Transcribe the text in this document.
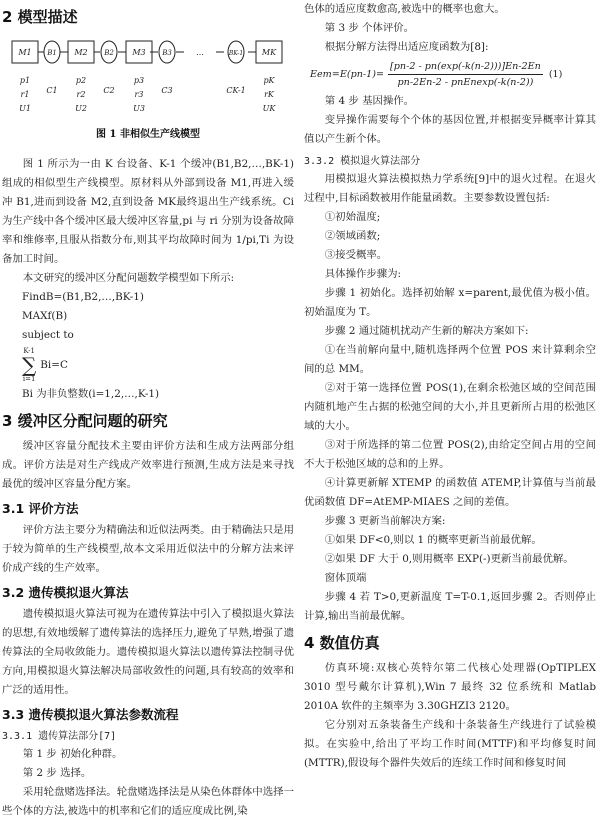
2 模型描述
M1	M2	M3	MK
B1	B2	B3	BK-1
…
p1
r1
U1
p2
r2
U2
p3
r3
U3
pK
rK
UK
C1	C2	C3	CK-1
图 1 非相似生产线模型

图 1 所示为一由 K 台设备、K-1 个缓冲(B1,B2,…,BK-1)组成的相似型生产线模型。原材料从外部到设备 M1,再进入缓冲 B1,进而到设备 M2,直到设备 MK最终退出生产线系统。Ci 为生产线中各个缓冲区最大缓冲区容量,pi 与 ri 分别为设备故障率和维修率,且服从指数分布,则其平均故障时间为 1/pi,Ti 为设备加工时间。

本文研究的缓冲区分配问题数学模型如下所示:

FindB=(B1,B2,…,BK-1)
MAXf(B)
subject to
K-1
∑
i=1
Bi=C
Bi 为非负整数(i=1,2,…,K-1)
3 缓冲区分配问题的研究

缓冲区容量分配技术主要由评价方法和生成方法两部分组成。评价方法是对生产线成产效率进行预测,生成方法是来寻找最优的缓冲区容量分配方案。

3.1 评价方法

评价方法主要分为精确法和近似法两类。由于精确法只是用于较为简单的生产线模型,故本文采用近似法中的分解方法来评价成产线的生产效率。

3.2 遗传模拟退火算法

遗传模拟退火算法可视为在遗传算法中引入了模拟退火算法的思想,有效地缓解了遗传算法的选择压力,避免了早熟,增强了遗传算法的全局收敛能力。遗传模拟退火算法以遗传算法控制寻优方向,用模拟退火算法解决局部收敛性的问题,具有较高的效率和广泛的适用性。

3.3 遗传模拟退火算法参数流程
3.3.1 遗传算法部分[7]

第 1 步 初始化种群。

第 2 步 选择。

采用轮盘赌选择法。轮盘赌选择法是从染色体群体中选择一些个体的方法,被选中的机率和它们的适应度成比例,染

色体的适应度数愈高,被选中的概率也愈大。

第 3 步 个体评价。

根据分解方法得出适应度函数为[8]:

$Eem=E(pn-1)= \frac{[pn-2 - pn(\exp(-k(n-2)))]En-2En}{\text{pn-2En-2 - pnEnexp(-k(n-2))}} (1)$

第 4 步 基因操作。

变异操作需要每个个体的基因位置,并根据变异概率计算其值以产生新个体。

3.3.2 模拟退火算法部分

用模拟退火算法模拟热力学系统[9]中的退火过程。在退火过程中,目标函数被用作能量函数。主要参数设置包括:

①初始温度;

②领域函数;

③接受概率。

具体操作步骤为:

步骤 1 初始化。选择初始解 x=parent,最优值为极小值。初始温度为 T。

步骤 2 通过随机扰动产生新的解决方案如下:

①在当前解向量中,随机选择两个位置 POS 来计算剩余空间的总 MM。

②对于第一选择位置 POS(1),在剩余松弛区域的空间范围内随机地产生占据的松弛空间的大小,并且更新所占用的松弛区域的大小。

③对于所选择的第二位置 POS(2),由给定空间占用的空间不大于松弛区域的总和的上界。

④计算更新解 XTEMP 的函数值 ATEMP,计算值与当前最优函数值 DF=AtEMP-MIAES 之间的差值。

步骤 3 更新当前解决方案:

①如果 DF<0,则以 1 的概率更新当前最优解。

②如果 DF 大于 0,则用概率 EXP(-)更新当前最优解。

窗体顶端

步骤 4 若 T>0,更新温度 T=T-0.1,返回步骤 2。否则停止计算,输出当前最优解。

4 数值仿真

仿真环境:双核心英特尔第二代核心处理器(OpTIPLEX 3010 型号戴尔计算机),Win 7 最终 32 位系统和 Matlab 2010A 软件的主频率为 3.30GHZI3 2120。

它分别对五条装备生产线和十条装备生产线进行了试验模拟。在实验中,给出了平均工作时间(MTTF)和平均修复时间(MTTR),假设每个器件失效后的连续工作时间和修复时间
